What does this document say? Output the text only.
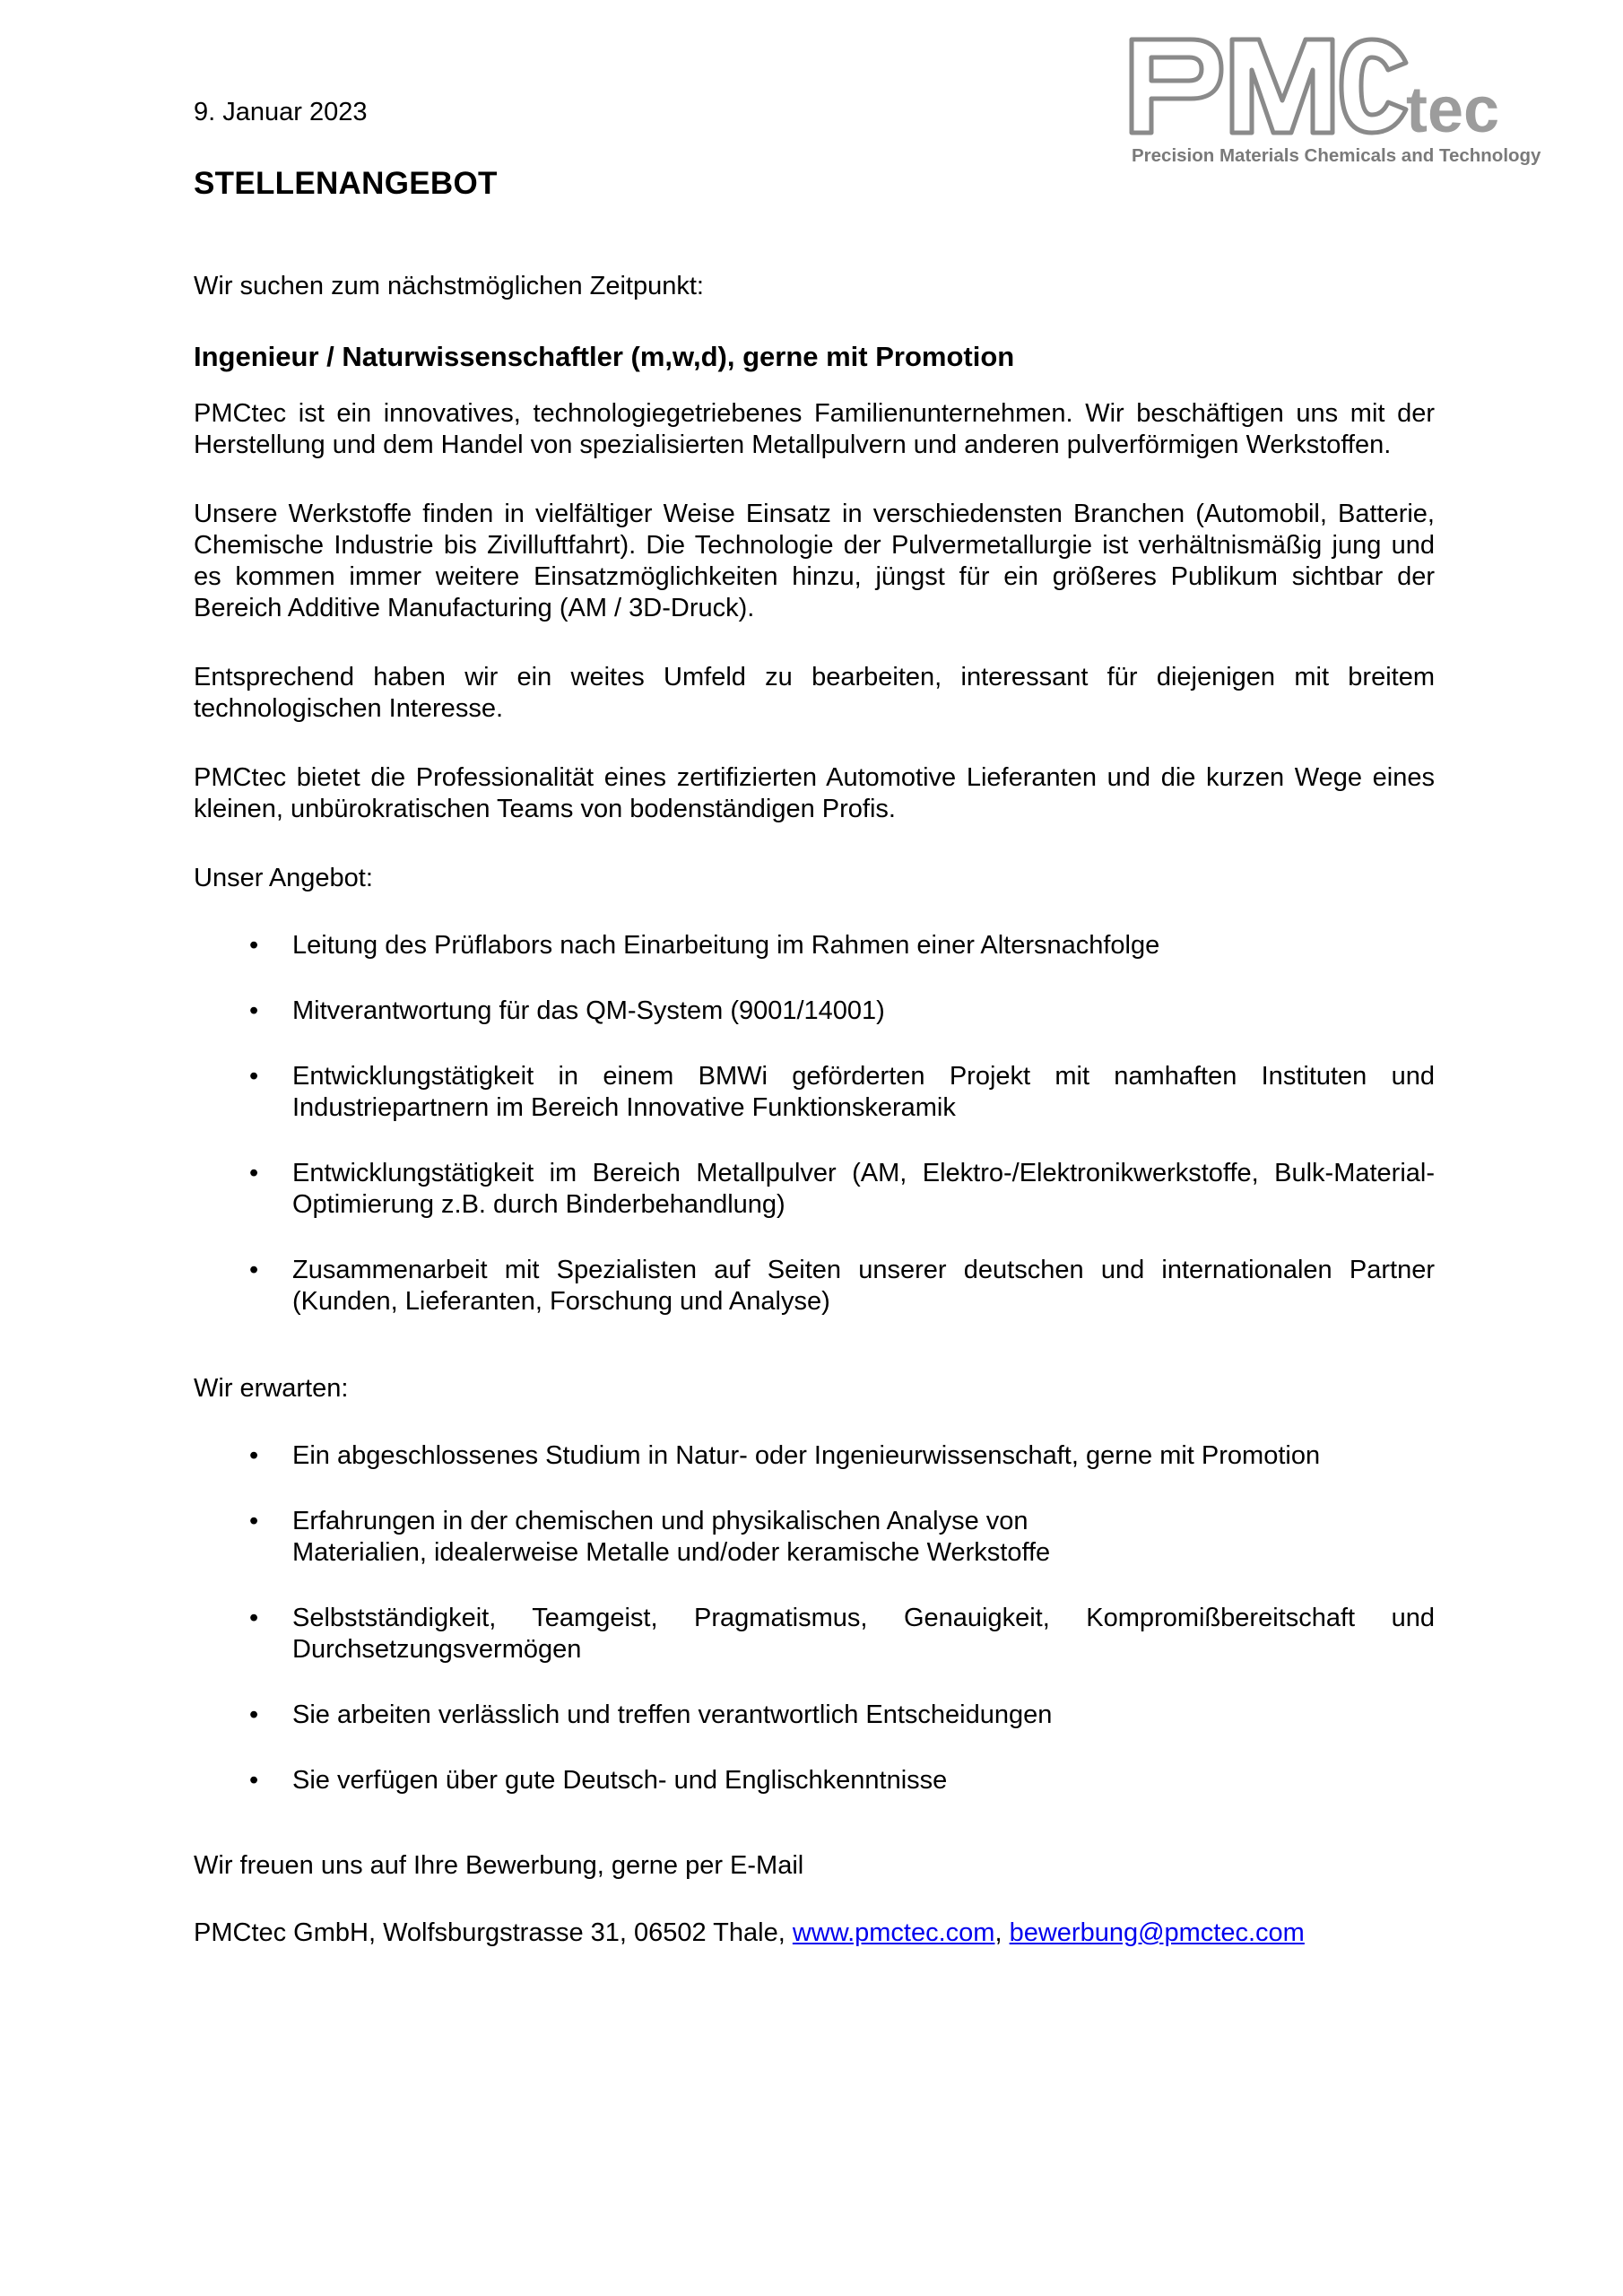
9. Januar 2023
STELLENANGEBOT
tec
Precision Materials Chemicals and Technology

Wir suchen zum nächstmöglichen Zeitpunkt:

Ingenieur / Naturwissenschaftler (m,w,d), gerne mit Promotion

PMCtec ist ein innovatives, technologiegetriebenes Familienunternehmen. Wir beschäftigen uns mit der Herstellung und dem Handel von spezialisierten Metallpulvern und anderen pulverförmigen Werkstoffen.

Unsere Werkstoffe finden in vielfältiger Weise Einsatz in verschiedensten Branchen (Automobil, Batterie, Chemische Industrie bis Zivilluftfahrt). Die Technologie der Pulvermetallurgie ist verhältnismäßig jung und es kommen immer weitere Einsatzmöglichkeiten hinzu, jüngst für ein größeres Publikum sichtbar der Bereich Additive Manufacturing (AM / 3D-Druck).

Entsprechend haben wir ein weites Umfeld zu bearbeiten, interessant für diejenigen mit breitem technologischen Interesse.

PMCtec bietet die Professionalität eines zertifizierten Automotive Lieferanten und die kurzen Wege eines kleinen, unbürokratischen Teams von bodenständigen Profis.

Unser Angebot:

• Leitung des Prüflabors nach Einarbeitung im Rahmen einer Altersnachfolge
• Mitverantwortung für das QM-System (9001/14001)
• Entwicklungstätigkeit in einem BMWi geförderten Projekt mit namhaften Instituten und Industriepartnern im Bereich Innovative Funktionskeramik
• Entwicklungstätigkeit im Bereich Metallpulver (AM, Elektro-/Elektronikwerkstoffe, Bulk-Material-Optimierung z.B. durch Binderbehandlung)
• Zusammenarbeit mit Spezialisten auf Seiten unserer deutschen und internationalen Partner (Kunden, Lieferanten, Forschung und Analyse)

Wir erwarten:

• Ein abgeschlossenes Studium in Natur- oder Ingenieurwissenschaft, gerne mit Promotion
• Erfahrungen in der chemischen und physikalischen Analyse von
Materialien, idealerweise Metalle und/oder keramische Werkstoffe
• Selbstständigkeit, Teamgeist, Pragmatismus, Genauigkeit, Kompromißbereitschaft und Durchsetzungsvermögen
• Sie arbeiten verlässlich und treffen verantwortlich Entscheidungen
• Sie verfügen über gute Deutsch- und Englischkenntnisse

Wir freuen uns auf Ihre Bewerbung, gerne per E-Mail

PMCtec GmbH, Wolfsburgstrasse 31, 06502 Thale, www.pmctec.com, bewerbung@pmctec.com
